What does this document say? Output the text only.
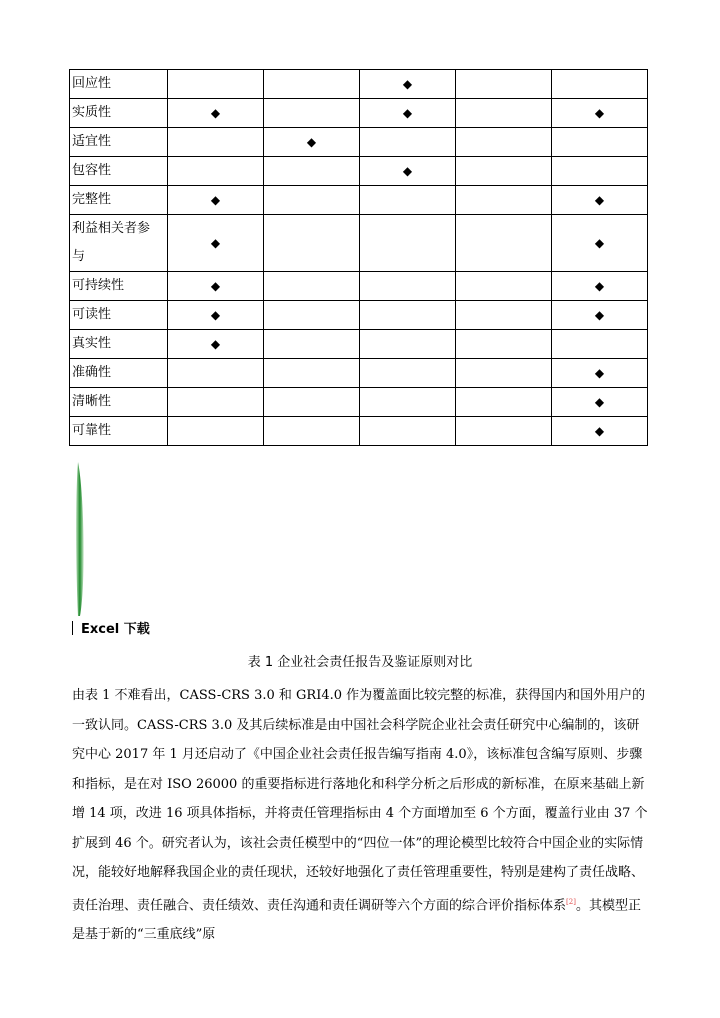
回应性			◆		
实质性	◆		◆		◆
适宜性		◆			
包容性			◆		
完整性	◆				◆

利益相关者参
与	◆				◆
可持续性	◆				◆
可读性	◆				◆
真实性	◆				
准确性					◆
清晰性					◆
可靠性					◆
Excel 下载
表 1 企业社会责任报告及鉴证原则对比

由表 1 不难看出，CASS-CRS 3.0 和 GRI4.0 作为覆盖面比较完整的标准，获得国内和国外用户的一致认同。CASS-CRS 3.0 及其后续标准是由中国社会科学院企业社会责任研究中心编制的，该研究中心 2017 年 1 月还启动了《中国企业社会责任报告编写指南 4.0》，该标准包含编写原则、步骤和指标，是在对 ISO 26000 的重要指标进行落地化和科学分析之后形成的新标准，在原来基础上新增 14 项，改进 16 项具体指标，并将责任管理指标由 4 个方面增加至 6 个方面，覆盖行业由 37 个扩展到 46 个。研究者认为，该社会责任模型中的“四位一体”的理论模型比较符合中国企业的实际情况，能较好地解释我国企业的责任现状，还较好地强化了责任管理重要性，特别是建构了责任战略、责任治理、责任融合、责任绩效、责任沟通和责任调研等六个方面的综合评价指标体系[2]。其模型正是基于新的“三重底线”原
